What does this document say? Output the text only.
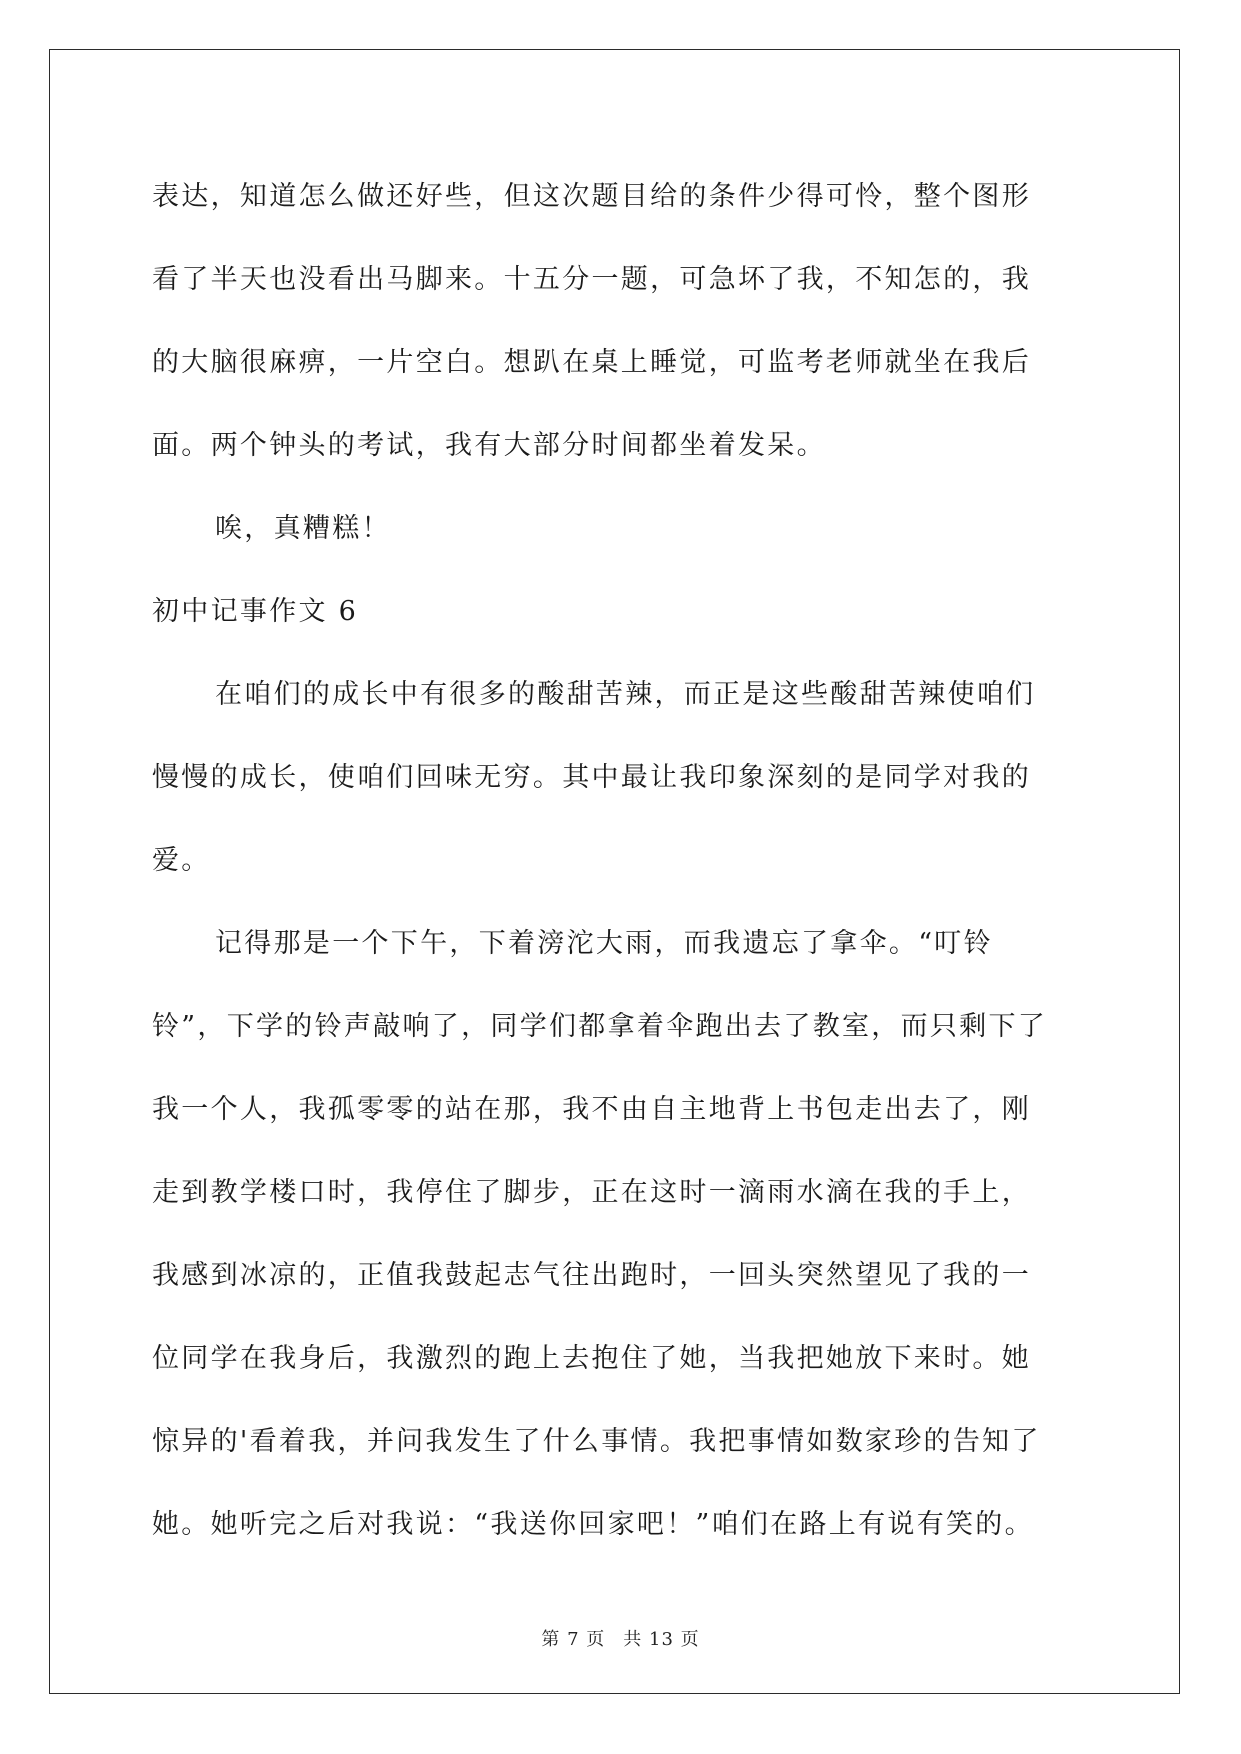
表达，知道怎么做还好些，但这次题目给的条件少得可怜，整个图形

看了半天也没看出马脚来。十五分一题，可急坏了我，不知怎的，我

的大脑很麻痹，一片空白。想趴在桌上睡觉，可监考老师就坐在我后

面。两个钟头的考试，我有大部分时间都坐着发呆。

唉，真糟糕！

初中记事作文 6

在咱们的成长中有很多的酸甜苦辣，而正是这些酸甜苦辣使咱们

慢慢的成长，使咱们回味无穷。其中最让我印象深刻的是同学对我的

爱。

记得那是一个下午，下着滂沱大雨，而我遗忘了拿伞。“叮铃

铃”，下学的铃声敲响了，同学们都拿着伞跑出去了教室，而只剩下了

我一个人，我孤零零的站在那，我不由自主地背上书包走出去了，刚

走到教学楼口时，我停住了脚步，正在这时一滴雨水滴在我的手上，

我感到冰凉的，正值我鼓起志气往出跑时，一回头突然望见了我的一

位同学在我身后，我激烈的跑上去抱住了她，当我把她放下来时。她

惊异的'看着我，并问我发生了什么事情。我把事情如数家珍的告知了

她。她听完之后对我说：“我送你回家吧！”咱们在路上有说有笑的。

第 7 页 共 13 页
